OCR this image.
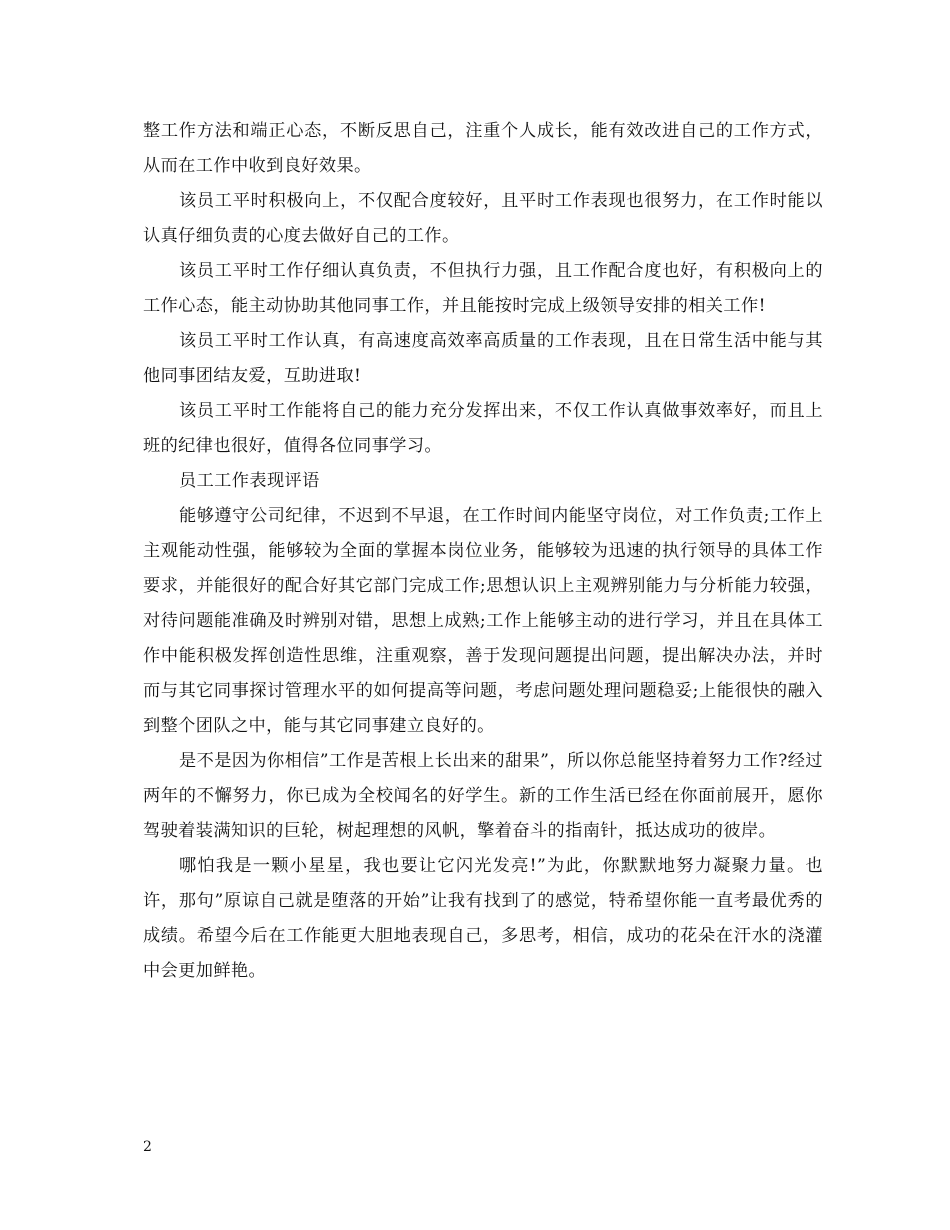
整工作方法和端正心态，不断反思自己，注重个人成长，能有效改进自己的工作方式，从而在工作中收到良好效果。

该员工平时积极向上，不仅配合度较好，且平时工作表现也很努力，在工作时能以认真仔细负责的心度去做好自己的工作。

该员工平时工作仔细认真负责，不但执行力强，且工作配合度也好，有积极向上的工作心态，能主动协助其他同事工作，并且能按时完成上级领导安排的相关工作!

该员工平时工作认真，有高速度高效率高质量的工作表现，且在日常生活中能与其他同事团结友爱，互助进取!

该员工平时工作能将自己的能力充分发挥出来，不仅工作认真做事效率好，而且上班的纪律也很好，值得各位同事学习。

员工工作表现评语

能够遵守公司纪律，不迟到不早退，在工作时间内能坚守岗位，对工作负责;工作上主观能动性强，能够较为全面的掌握本岗位业务，能够较为迅速的执行领导的具体工作要求，并能很好的配合好其它部门完成工作;思想认识上主观辨别能力与分析能力较强，对待问题能准确及时辨别对错，思想上成熟;工作上能够主动的进行学习，并且在具体工作中能积极发挥创造性思维，注重观察，善于发现问题提出问题，提出解决办法，并时而与其它同事探讨管理水平的如何提高等问题，考虑问题处理问题稳妥;上能很快的融入到整个团队之中，能与其它同事建立良好的。

是不是因为你相信”工作是苦根上长出来的甜果”，所以你总能坚持着努力工作?经过两年的不懈努力，你已成为全校闻名的好学生。新的工作生活已经在你面前展开，愿你驾驶着装满知识的巨轮，树起理想的风帆，擎着奋斗的指南针，抵达成功的彼岸。

哪怕我是一颗小星星，我也要让它闪光发亮!”为此，你默默地努力凝聚力量。也许，那句”原谅自己就是堕落的开始”让我有找到了的感觉，特希望你能一直考最优秀的成绩。希望今后在工作能更大胆地表现自己，多思考，相信，成功的花朵在汗水的浇灌中会更加鲜艳。

2
